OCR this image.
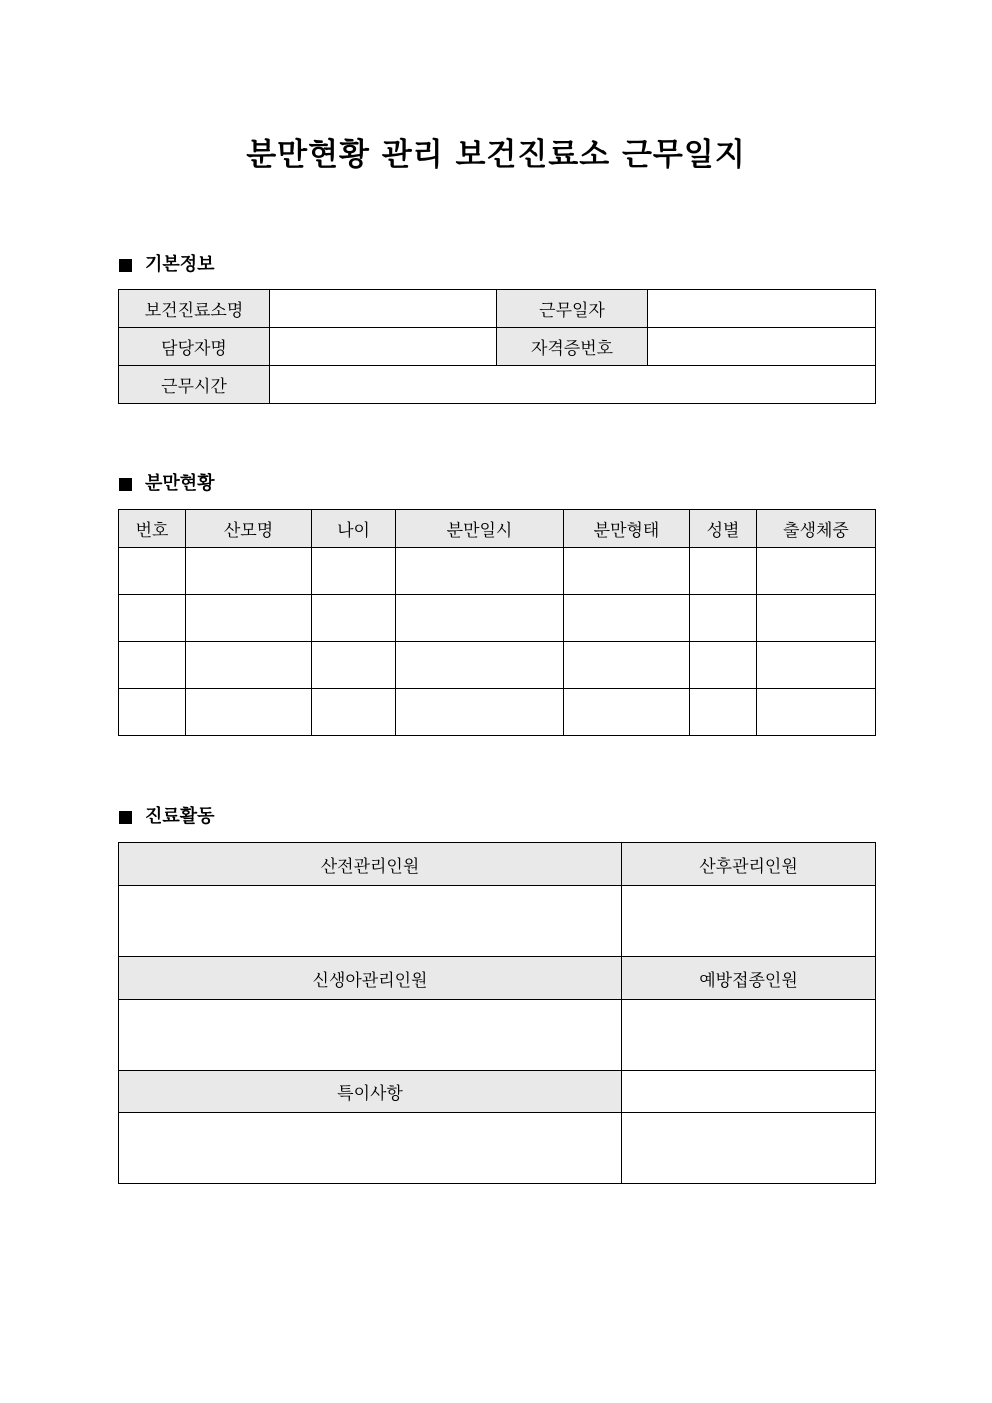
분만현황 관리 보건진료소 근무일지
기본정보
보건진료소명		근무일자	
담당자명		자격증번호	
근무시간			
분만현황
번호	산모명	나이	분만일시	분만형태	성별	출생체중

진료활동
산전관리인원	산후관리인원

신생아관리인원	예방접종인원

특이사항	
